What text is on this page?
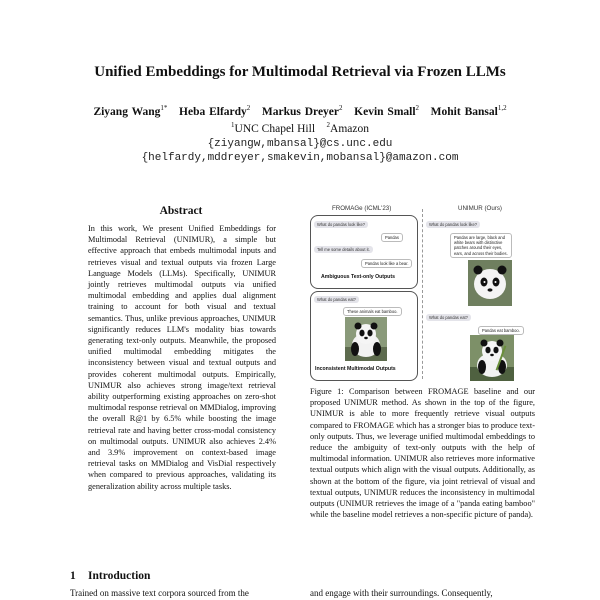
Unified Embeddings for Multimodal Retrieval via Frozen LLMs
Ziyang Wang$^{1*}$ Heba Elfardy$^2$ Markus Dreyer$^2$ Kevin Small$^2$ Mohit Bansal$^{1,2}$
$^1$UNC Chapel Hill $^2$Amazon
{ziyangw,mbansal}@cs.unc.edu
{helfardy,mddreyer,smakevin,mobansal}@amazon.com
Abstract
In this work, We present Unified Embeddings for Multimodal Retrieval (UNIMUR), a simple but effective approach that embeds multimodal inputs and retrieves visual and textual outputs via frozen Large Language Models (LLMs). Specifically, UNIMUR jointly retrieves multimodal outputs via unified multimodal embedding and applies dual alignment training to account for both visual and textual semantics. Thus, unlike previous approaches, UNIMUR significantly reduces LLM's modality bias towards generating text-only outputs. Meanwhile, the proposed unified multimodal embedding mitigates the inconsistency between visual and textual outputs and provides coherent multimodal outputs. Empirically, UNIMUR also achieves strong image/text retrieval ability outperforming existing approaches on zero-shot multimodal response retrieval on MMDialog, improving the overall R@1 by 6.5% while boosting the image retrieval rate and having better cross-modal consistency on multimodal outputs. UNIMUR also achieves 2.4% and 3.9% improvement on context-based image retrieval tasks on MMDialog and VisDial respectively when compared to previous approaches, validating its generalization ability across multiple tasks.
1 Introduction
Trained on massive text corpora sourced from the
FROMAGe (ICML'23)	UNIMUR (Ours)
What do pandas look like?
Pandas
Tell me some details about it.
Pandas look like a bear.
Ambiguous Text-only Outputs
What do pandas eat?
These animals eat bamboo.
Inconsistent Multimodal Outputs
What do pandas look like?
Pandas are large, black and
white bears with distinctive
patches around their eyes,
ears, and across their bodies.
What do pandas eat?
Pandas eat bamboo.
Figure 1: Comparison between FROMAGE baseline and our proposed UNIMUR method. As shown in the top of the figure, UNIMUR is able to more frequently retrieve visual outputs compared to FROMAGE which has a stronger bias to produce text-only outputs. Thus, we leverage unified multimodal embeddings to reduce the ambiguity of text-only outputs with the help of multimodal information. UNIMUR also retrieves more informative textual outputs which align with the visual outputs. Additionally, as shown at the bottom of the figure, via joint retrieval of visual and textual outputs, UNIMUR reduces the inconsistency in multimodal outputs (UNIMUR retrieves the image of a "panda eating bamboo" while the baseline model retrieves a non-specific picture of panda).
and engage with their surroundings. Consequently,
